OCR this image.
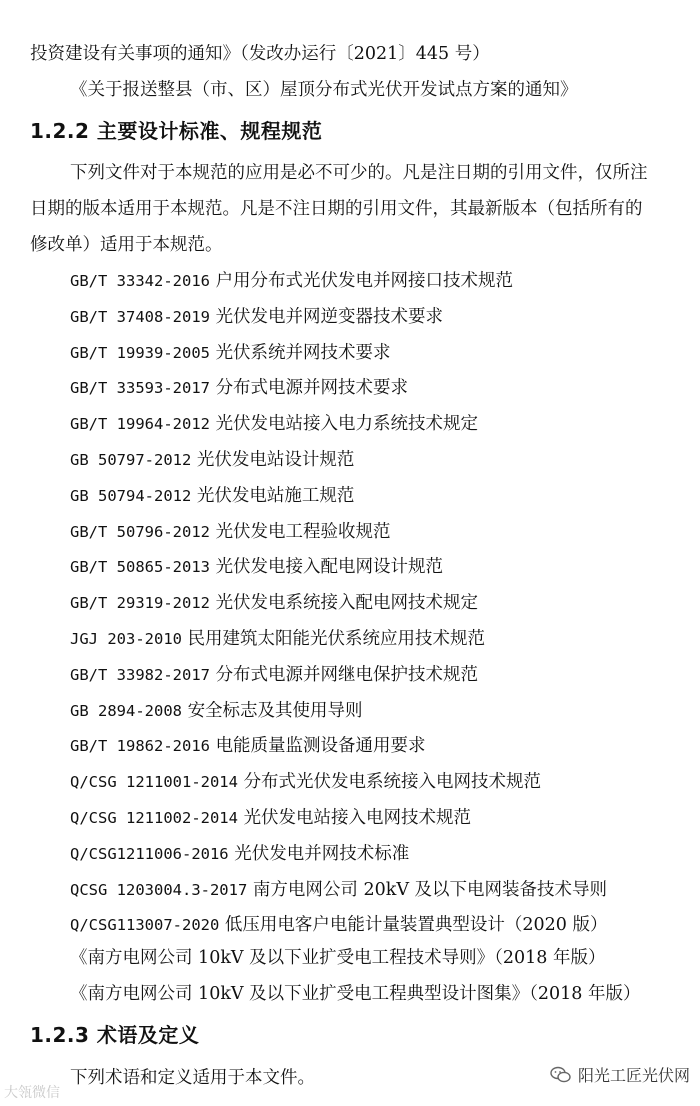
投资建设有关事项的通知》（发改办运行〔2021〕445 号）
《关于报送整县（市、区）屋顶分布式光伏开发试点方案的通知》
1.2.2 主要设计标准、规程规范
下列文件对于本规范的应用是必不可少的。凡是注日期的引用文件，仅所注
日期的版本适用于本规范。凡是不注日期的引用文件，其最新版本（包括所有的
修改单）适用于本规范。
GB/T 33342-2016 户用分布式光伏发电并网接口技术规范
GB/T 37408-2019 光伏发电并网逆变器技术要求
GB/T 19939-2005 光伏系统并网技术要求
GB/T 33593-2017 分布式电源并网技术要求
GB/T 19964-2012 光伏发电站接入电力系统技术规定
GB 50797-2012 光伏发电站设计规范
GB 50794-2012 光伏发电站施工规范
GB/T 50796-2012 光伏发电工程验收规范
GB/T 50865-2013 光伏发电接入配电网设计规范
GB/T 29319-2012 光伏发电系统接入配电网技术规定
JGJ 203-2010 民用建筑太阳能光伏系统应用技术规范
GB/T 33982-2017 分布式电源并网继电保护技术规范
GB 2894-2008 安全标志及其使用导则
GB/T 19862-2016 电能质量监测设备通用要求
Q/CSG 1211001-2014 分布式光伏发电系统接入电网技术规范
Q/CSG 1211002-2014 光伏发电站接入电网技术规范
Q/CSG1211006-2016 光伏发电并网技术标准
QCSG 1203004.3-2017 南方电网公司 20kV 及以下电网装备技术导则
Q/CSG113007-2020 低压用电客户电能计量装置典型设计（2020 版）
《南方电网公司 10kV 及以下业扩受电工程技术导则》（2018 年版）
《南方电网公司 10kV 及以下业扩受电工程典型设计图集》（2018 年版）
1.2.3 术语及定义
下列术语和定义适用于本文件。
大瓴微信
阳光工匠光伏网
